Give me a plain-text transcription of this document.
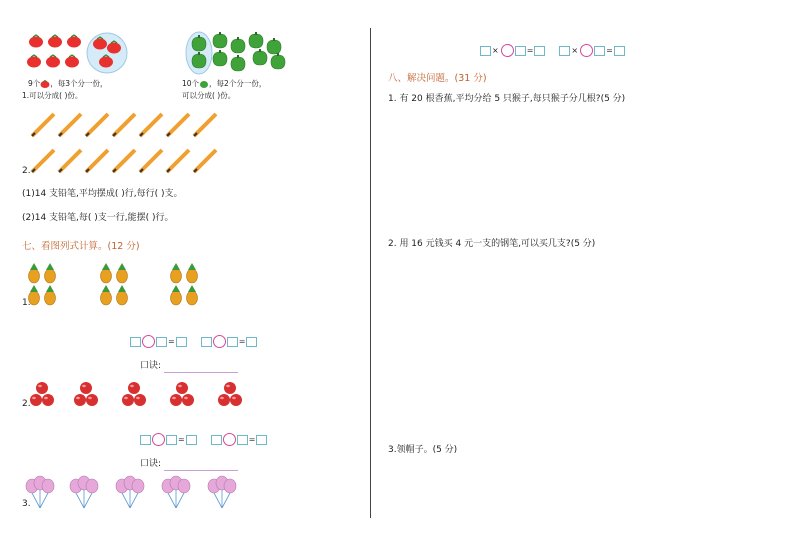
9个 ，每3个分一份，
1.可以分成( )份。
10个 ，每2个分一份，
可以分成( )份。
2.
(1)14 支铅笔,平均摆成( )行,每行( )支。
(2)14 支铅笔,每( )支一行,能摆( )行。
七、看图列式计算。(12 分)
1.
=	=
口诀:
2.
=	=
口诀:
3.
×	=	×	=
八、解决问题。(31 分)
1. 有 20 根香蕉,平均分给 5 只猴子,每只猴子分几根?(5 分)
2. 用 16 元钱买 4 元一支的钢笔,可以买几支?(5 分)
3.领帽子。(5 分)
